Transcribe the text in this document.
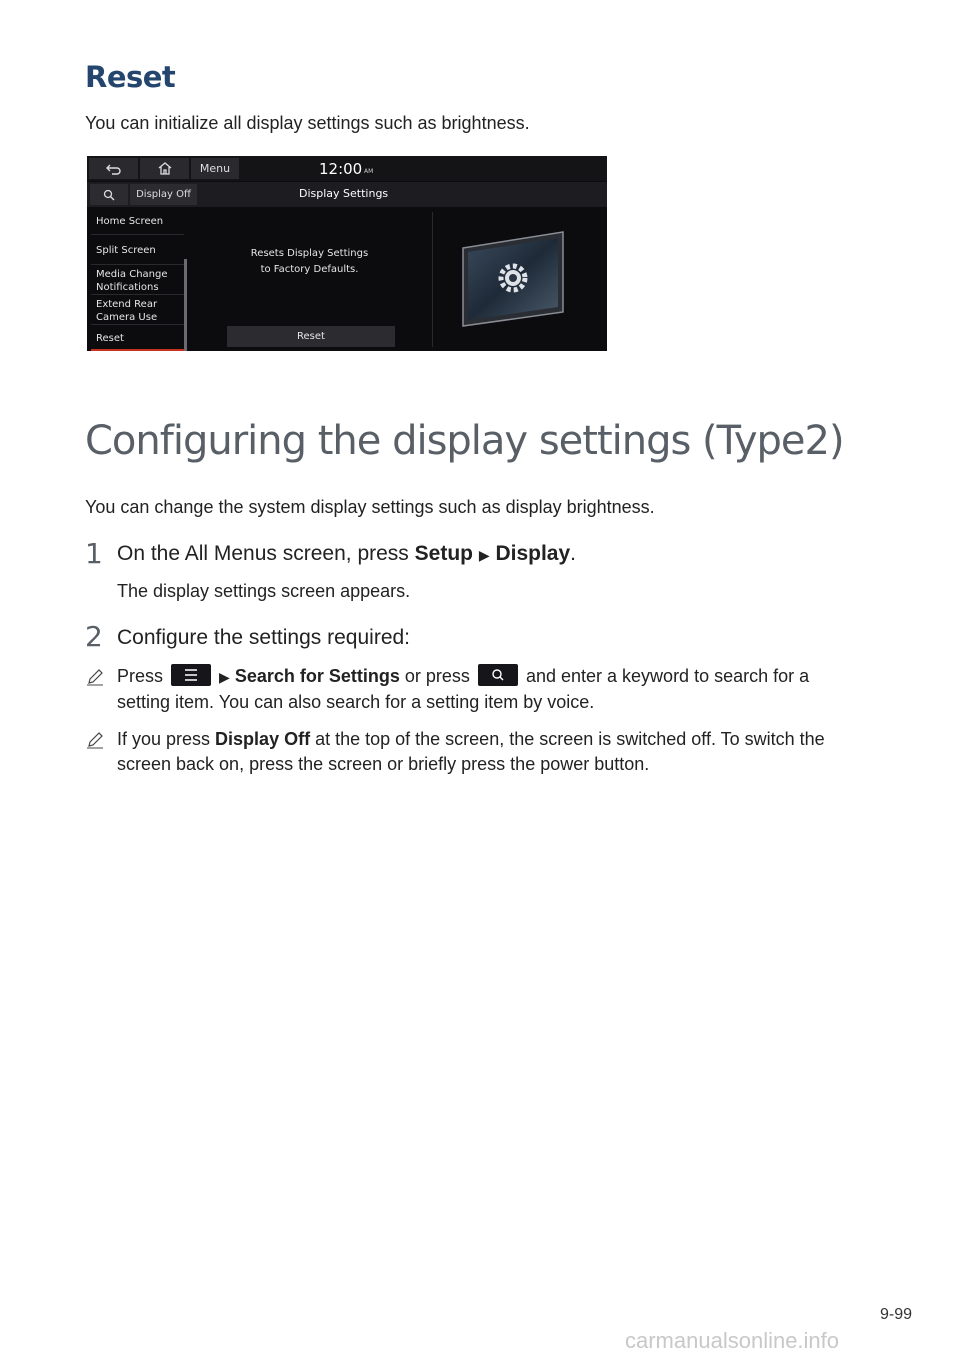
Reset

You can initialize all display settings such as brightness.

Menu	12:00 AM
Display Off	Display Settings
Home Screen
Split Screen
Media Change
Notifications
Extend Rear
Camera Use
Reset
Resets Display Settings
to Factory Defaults.
Reset
Configuring the display settings (Type2)

You can change the system display settings such as display brightness.

1 On the All Menus screen, press Setup ▶ Display.
The display settings screen appears.
2 Configure the settings required:
Press	▶ Search for Settings or press	and enter a keyword to search for a
setting item. You can also search for a setting item by voice.
If you press Display Off at the top of the screen, the screen is switched off. To switch the
screen back on, press the screen or briefly press the power button.
9-99
carmanualsonline.info
